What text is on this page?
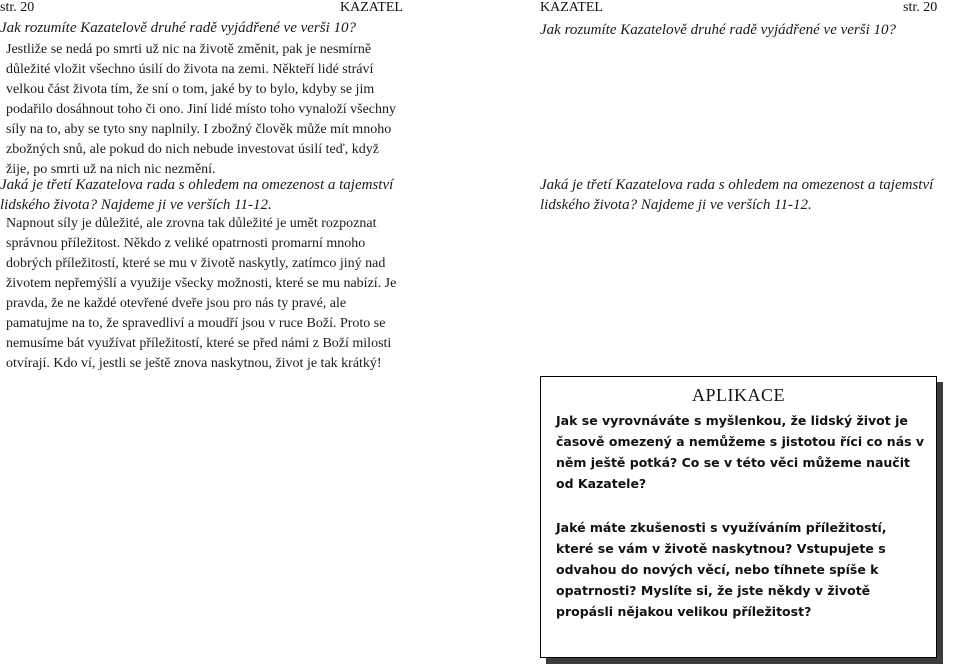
str. 20	KAZATEL
Jak rozumíte Kazatelově druhé radě vyjádřené ve verši 10?

Jestliže se nedá po smrti už nic na životě změnit, pak je nesmírně důležité vložit všechno úsilí do života na zemi. Někteří lidé stráví velkou část života tím, že sní o tom, jaké by to bylo, kdyby se jim podařilo dosáhnout toho či ono. Jiní lidé místo toho vynaloží všechny síly na to, aby se tyto sny naplnily. I zbožný člověk může mít mnoho zbožných snů, ale pokud do nich nebude investovat úsilí teď, když žije, po smrti už na nich nic nezmění.

Jaká je třetí Kazatelova rada s ohledem na omezenost a tajemství lidského života? Najdeme ji ve verších 11-12.

Napnout síly je důležité, ale zrovna tak důležité je umět rozpoznat správnou příležitost. Někdo z veliké opatrnosti promarní mnoho dobrých příležitostí, které se mu v životě naskytly, zatímco jiný nad životem nepřemýšlí a využije všecky možnosti, které se mu nabízí. Je pravda, že ne každé otevřené dveře jsou pro nás ty pravé, ale pamatujme na to, že spravedliví a moudří jsou v ruce Boží. Proto se nemusíme bát využívat příležitostí, které se před námi z Boží milosti otvírají. Kdo ví, jestli se ještě znova naskytnou, život je tak krátký!

KAZATEL	str. 20
Jak rozumíte Kazatelově druhé radě vyjádřené ve verši 10?
Jaká je třetí Kazatelova rada s ohledem na omezenost a tajemství lidského života? Najdeme ji ve verších 11-12.
APLIKACE
Jak se vyrovnáváte s myšlenkou, že lidský život je časově omezený a nemůžeme s jistotou říci co nás v něm ještě potká? Co se v této věci můžeme naučit od Kazatele?
Jaké máte zkušenosti s využíváním příležitostí, které se vám v životě naskytnou? Vstupujete s odvahou do nových věcí, nebo tíhnete spíše k opatrnosti? Myslíte si, že jste někdy v životě propásli nějakou velikou příležitost?
